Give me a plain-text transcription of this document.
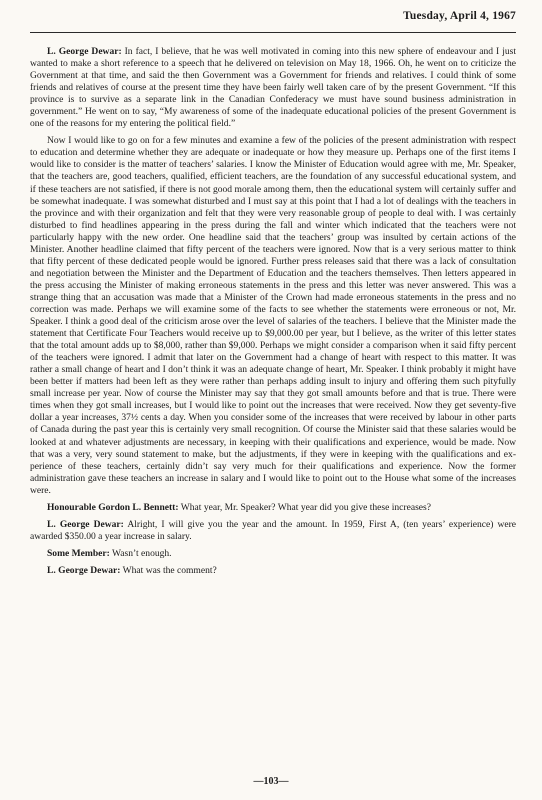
Tuesday, April 4, 1967

L. George Dewar: In fact, I believe, that he was well motivated in coming into this new sphere of endeavour and I just wanted to make a short reference to a speech that he delivered on television on May 18, 1966. Oh, he went on to criticize the Government at that time, and said the then Government was a Government for friends and relatives. I could think of some friends and relatives of course at the present time they have been fairly well taken care of by the present Government. “If this province is to survive as a separate link in the Canadian Confederacy we must have sound business administration in government.” He went on to say, “My awareness of some of the inadequate educational policies of the present Government is one of the reasons for my entering the political field.”

Now I would like to go on for a few minutes and examine a few of the policies of the present administration with respect to education and determine whether they are adequate or inadequate or how they measure up. Perhaps one of the first items I would like to consider is the matter of teachers’ salaries. I know the Minister of Education would agree with me, Mr. Speaker, that the teachers are, good teachers, qualified, efficient teachers, are the foundation of any successful educational system, and if these teachers are not satisfied, if there is not good morale among them, then the educational system will certainly suffer and be somewhat inadequate. I was somewhat disturbed and I must say at this point that I had a lot of dealings with the teachers in the province and with their organization and felt that they were very reasonable group of people to deal with. I was certainly disturbed to find headlines appearing in the press during the fall and winter which indicated that the teachers were not particularly happy with the new order. One headline said that the teachers’ group was insulted by certain actions of the Minister. Another headline claimed that fifty percent of the teachers were ignored. Now that is a very serious matter to think that fifty percent of these dedicated people would be ignored. Further press releases said that there was a lack of consultation and negotiation between the Minister and the Department of Education and the teachers themselves. Then letters appeared in the press accusing the Minister of making erroneous statements in the press and this letter was never answered. This was a strange thing that an accusation was made that a Minister of the Crown had made erroneous statements in the press and no correction was made. Perhaps we will examine some of the facts to see whether the statements were erroneous or not, Mr. Speaker. I think a good deal of the criticism arose over the level of salaries of the teachers. I believe that the Minister made the statement that Certificate Four Teachers would receive up to $9,000.00 per year, but I believe, as the writer of this letter states that the total amount adds up to $8,000, rather than $9,000. Perhaps we might consider a comparison when it said fifty percent of the teachers were ignored. I admit that later on the Government had a change of heart with respect to this matter. It was rather a small change of heart and I don’t think it was an adequate change of heart, Mr. Speaker. I think probably it might have been better if matters had been left as they were rather than perhaps adding insult to injury and offering them such pityfully small increase per year. Now of course the Minister may say that they got small amounts before and that is true. There were times when they got small increases, but I would like to point out the increases that were received. Now they get seventy-five dollar a year increases, 37½ cents a day. When you consider some of the increases that were received by labour in other parts of Canada during the past year this is certainly very small recognition. Of course the Minister said that these salaries would be looked at and whatever adjustments are necessary, in keeping with their qualifications and experience, would be made. Now that was a very, very sound statement to make, but the adjustments, if they were in keeping with the qualifications and experience of these teachers, certainly didn’t say very much for their qualifications and experience. Now the former administration gave these teachers an increase in salary and I would like to point out to the House what some of the increases were.

Honourable Gordon L. Bennett: What year, Mr. Speaker? What year did you give these increases?

L. George Dewar: Alright, I will give you the year and the amount. In 1959, First A, (ten years’ experience) were awarded $350.00 a year increase in salary.

Some Member: Wasn’t enough.

L. George Dewar: What was the comment?

—103—
